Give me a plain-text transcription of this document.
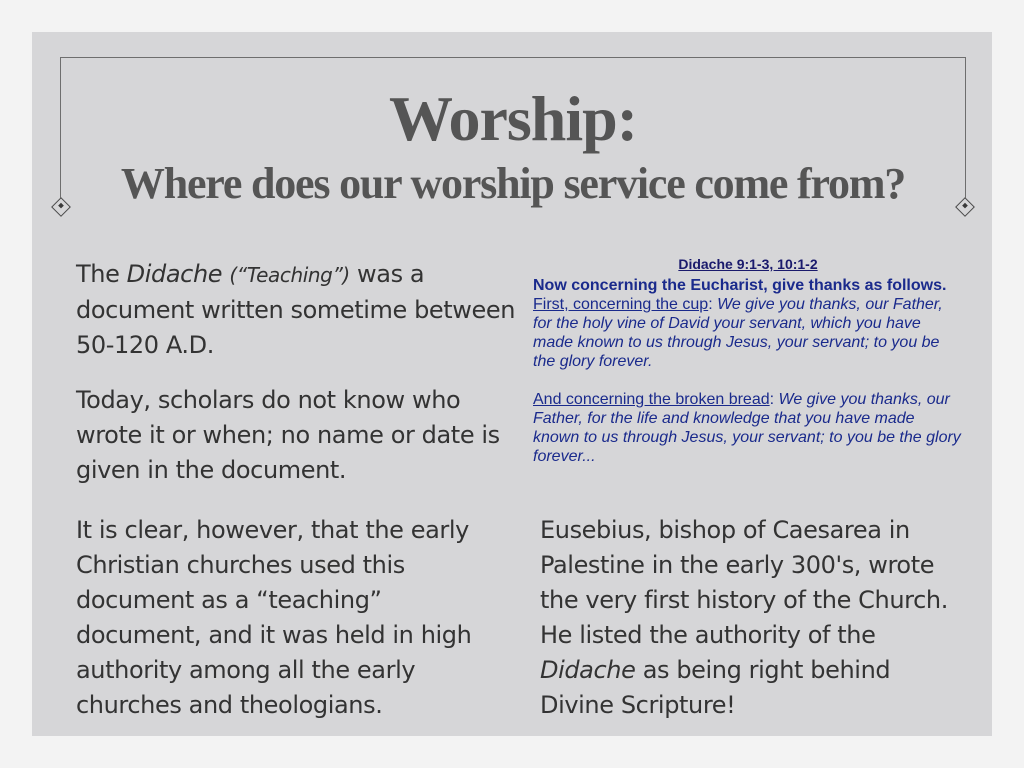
Worship:
Where does our worship service come from?
The Didache (“Teaching”) was a document written sometime between 50-120 A.D.
Today, scholars do not know who wrote it or when; no name or date is given in the document.
It is clear, however, that the early Christian churches used this document as a “teaching” document, and it was held in high authority among all the early churches and theologians.
Didache 9:1-3, 10:1-2

Now concerning the Eucharist, give thanks as follows. First, concerning the cup: We give you thanks, our Father, for the holy vine of David your servant, which you have made known to us through Jesus, your servant; to you be the glory forever.

And concerning the broken bread: We give you thanks, our Father, for the life and knowledge that you have made known to us through Jesus, your servant; to you be the glory forever...

Eusebius, bishop of Caesarea in Palestine in the early 300's, wrote the very first history of the Church. He listed the authority of the Didache as being right behind Divine Scripture!
